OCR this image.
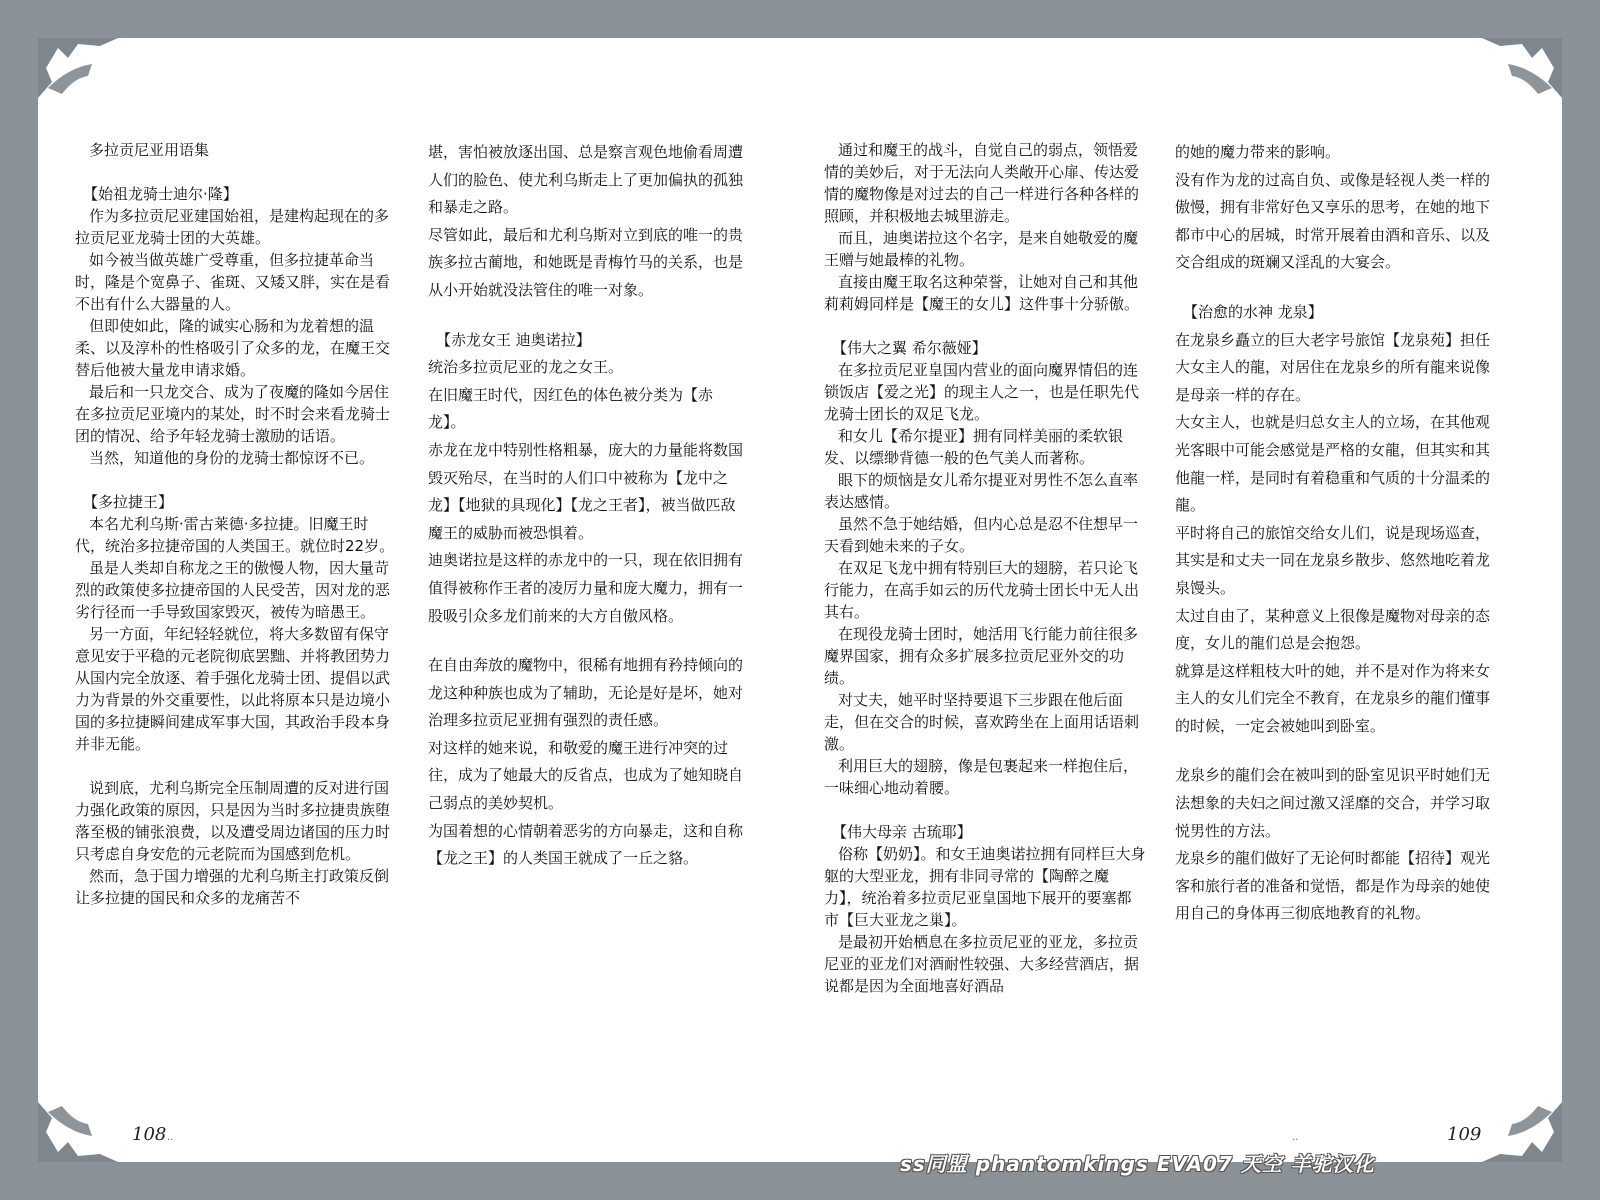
多拉贡尼亚用语集
【始祖龙骑士迪尔·隆】

作为多拉贡尼亚建国始祖，是建构起现在的多拉贡尼亚龙骑士团的大英雄。

如今被当做英雄广受尊重，但多拉捷革命当时，隆是个宽鼻子、雀斑、又矮又胖，实在是看不出有什么大器量的人。

但即使如此，隆的诚实心肠和为龙着想的温柔、以及淳朴的性格吸引了众多的龙，在魔王交替后他被大量龙申请求婚。

最后和一只龙交合、成为了夜魔的隆如今居住在多拉贡尼亚境内的某处，时不时会来看龙骑士团的情况、给予年轻龙骑士激励的话语。

当然，知道他的身份的龙骑士都惊讶不已。

【多拉捷王】

本名尤利乌斯·雷古莱德·多拉捷。旧魔王时代，统治多拉捷帝国的人类国王。就位时22岁。

虽是人类却自称龙之王的傲慢人物，因大量苛烈的政策使多拉捷帝国的人民受苦，因对龙的恶劣行径而一手导致国家毁灭，被传为暗愚王。

另一方面，年纪轻轻就位，将大多数留有保守意见安于平稳的元老院彻底罢黜、并将教团势力从国内完全放逐、着手强化龙骑士团、提倡以武力为背景的外交重要性，以此将原本只是边境小国的多拉捷瞬间建成军事大国，其政治手段本身并非无能。

说到底，尤利乌斯完全压制周遭的反对进行国力强化政策的原因，只是因为当时多拉捷贵族堕落至极的铺张浪费，以及遭受周边诸国的压力时只考虑自身安危的元老院而为国感到危机。

然而，急于国力增强的尤利乌斯主打政策反倒让多拉捷的国民和众多的龙痛苦不

堪，害怕被放逐出国、总是察言观色地偷看周遭人们的脸色、使尤利乌斯走上了更加偏执的孤独和暴走之路。

尽管如此，最后和尤利乌斯对立到底的唯一的贵族多拉古蔺地，和她既是青梅竹马的关系，也是从小开始就没法管住的唯一对象。

【赤龙女王 迪奥诺拉】

统治多拉贡尼亚的龙之女王。

在旧魔王时代，因红色的体色被分类为【赤龙】。

赤龙在龙中特别性格粗暴，庞大的力量能将数国毁灭殆尽，在当时的人们口中被称为【龙中之龙】【地狱的具现化】【龙之王者】，被当做匹敌魔王的威胁而被恐惧着。

迪奥诺拉是这样的赤龙中的一只，现在依旧拥有值得被称作王者的凌厉力量和庞大魔力，拥有一股吸引众多龙们前来的大方自傲风格。

在自由奔放的魔物中，很稀有地拥有矜持倾向的龙这种种族也成为了辅助，无论是好是坏，她对治理多拉贡尼亚拥有强烈的责任感。

对这样的她来说，和敬爱的魔王进行冲突的过往，成为了她最大的反省点，也成为了她知晓自己弱点的美妙契机。

为国着想的心情朝着恶劣的方向暴走，这和自称【龙之王】的人类国王就成了一丘之貉。

通过和魔王的战斗，自觉自己的弱点，领悟爱情的美妙后，对于无法向人类敞开心扉、传达爱情的魔物像是对过去的自己一样进行各种各样的照顾，并积极地去城里游走。

而且，迪奥诺拉这个名字，是来自她敬爱的魔王赠与她最棒的礼物。

直接由魔王取名这种荣誉，让她对自己和其他莉莉姆同样是【魔王的女儿】这件事十分骄傲。

【伟大之翼 希尔薇娅】

在多拉贡尼亚皇国内营业的面向魔界情侣的连锁饭店【爱之光】的现主人之一，也是任职先代龙骑士团长的双足飞龙。

和女儿【希尔提亚】拥有同样美丽的柔软银发、以缥缈背德一般的色气美人而著称。

眼下的烦恼是女儿希尔提亚对男性不怎么直率表达感情。

虽然不急于她结婚，但内心总是忍不住想早一天看到她未来的子女。

在双足飞龙中拥有特别巨大的翅膀，若只论飞行能力，在高手如云的历代龙骑士团长中无人出其右。

在现役龙骑士团时，她活用飞行能力前往很多魔界国家，拥有众多扩展多拉贡尼亚外交的功绩。

对丈夫，她平时坚持要退下三步跟在他后面走，但在交合的时候，喜欢跨坐在上面用话语刺激。

利用巨大的翅膀，像是包裹起来一样抱住后，一味细心地动着腰。

【伟大母亲 古琉耶】

俗称【奶奶】。和女王迪奥诺拉拥有同样巨大身躯的大型亚龙，拥有非同寻常的【陶醉之魔力】，统治着多拉贡尼亚皇国地下展开的要塞都市【巨大亚龙之巢】。

是最初开始栖息在多拉贡尼亚的亚龙，多拉贡尼亚的亚龙们对酒耐性较强、大多经营酒店，据说都是因为全面地喜好酒品

的她的魔力带来的影响。

没有作为龙的过高自负、或像是轻视人类一样的傲慢，拥有非常好色又享乐的思考，在她的地下都市中心的居城，时常开展着由酒和音乐、以及交合组成的斑斓又淫乱的大宴会。

【治愈的水神 龙泉】

在龙泉乡矗立的巨大老字号旅馆【龙泉苑】担任大女主人的龍，对居住在龙泉乡的所有龍来说像是母亲一样的存在。

大女主人，也就是归总女主人的立场，在其他观光客眼中可能会感觉是严格的女龍，但其实和其他龍一样，是同时有着稳重和气质的十分温柔的龍。

平时将自己的旅馆交给女儿们，说是现场巡查，其实是和丈夫一同在龙泉乡散步、悠然地吃着龙泉馒头。

太过自由了，某种意义上很像是魔物对母亲的态度，女儿的龍们总是会抱怨。

就算是这样粗枝大叶的她，并不是对作为将来女主人的女儿们完全不教育，在龙泉乡的龍们懂事的时候，一定会被她叫到卧室。

龙泉乡的龍们会在被叫到的卧室见识平时她们无法想象的夫妇之间过激又淫靡的交合，并学习取悦男性的方法。

龙泉乡的龍们做好了无论何时都能【招待】观光客和旅行者的准备和觉悟，都是作为母亲的她使用自己的身体再三彻底地教育的礼物。

108 ..	..	109
ss同盟 phantomkings EVA07 天空 羊驼汉化
